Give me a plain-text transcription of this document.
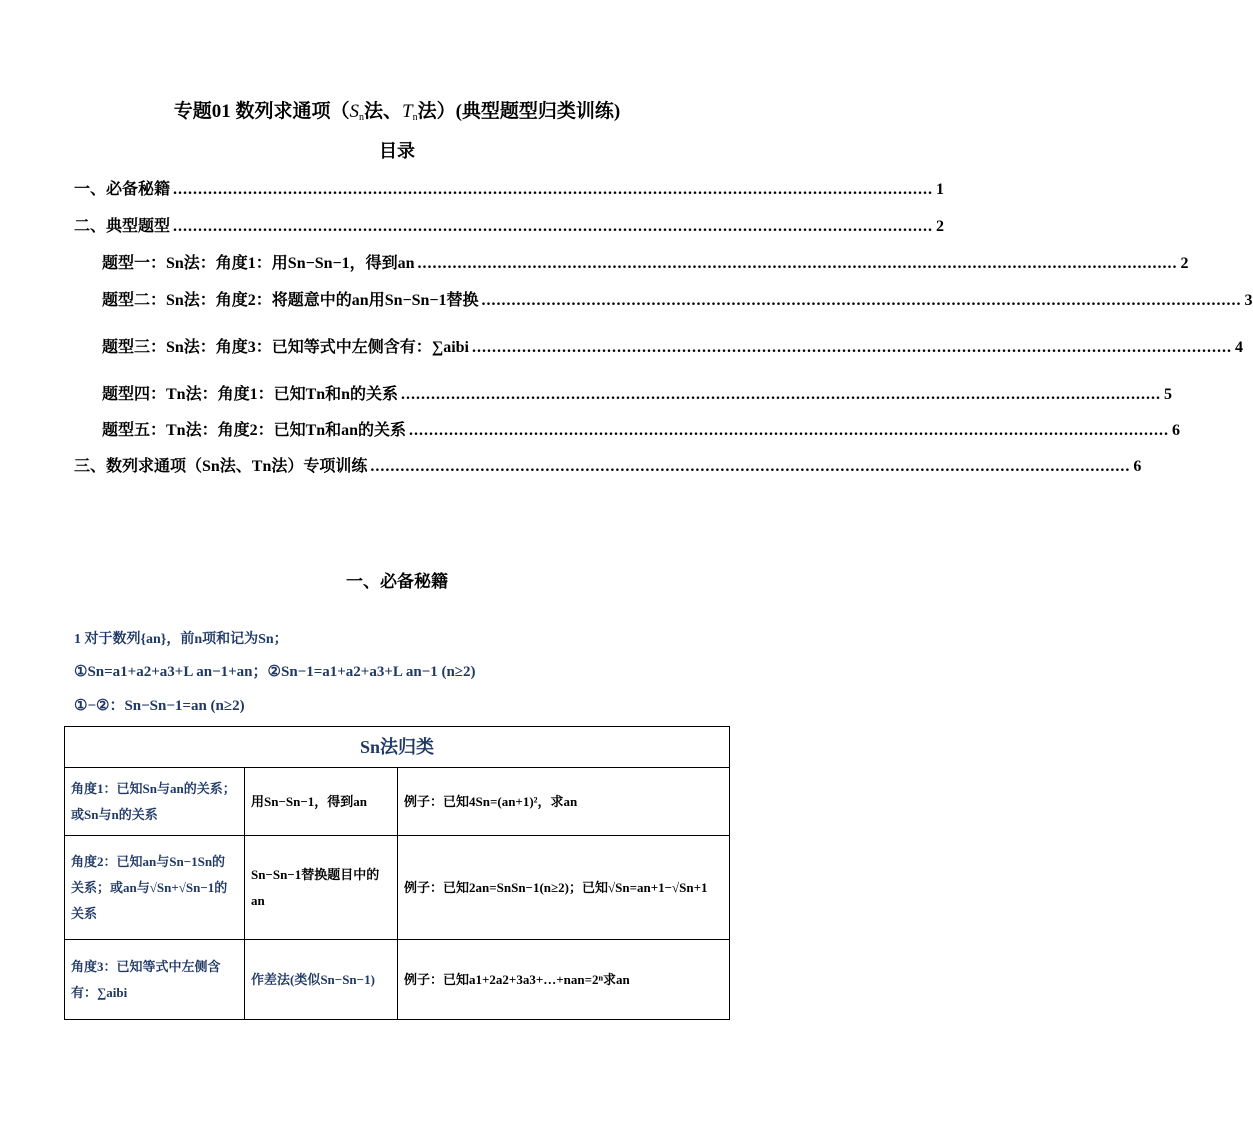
专题01 数列求通项（$S_n$法、$T_n$法）(典型题型归类训练)
目录
一、必备秘籍 ........................................................................................................................................................ 1
二、典型题型 ........................................................................................................................................................ 2
题型一：Sn法：角度1：用Sn−Sn−1，得到an ........................................................................................................................................................ 2
题型二：Sn法：角度2：将题意中的an用Sn−Sn−1替换 ........................................................................................................................................................ 3
题型三：Sn法：角度3：已知等式中左侧含有：∑aibi ........................................................................................................................................................ 4
题型四：Tn法：角度1：已知Tn和n的关系 ........................................................................................................................................................ 5
题型五：Tn法：角度2：已知Tn和an的关系 ........................................................................................................................................................ 6
三、数列求通项（Sn法、Tn法）专项训练 ........................................................................................................................................................ 6
一、必备秘籍
1 对于数列{an}，前n项和记为Sn；
①Sn=a1+a2+a3+L an−1+an；②Sn−1=a1+a2+a3+L an−1 (n≥2)
①−②：Sn−Sn−1=an (n≥2)
Sn法归类		
角度1：已知Sn与an的关系；或Sn与n的关系	用Sn−Sn−1，得到an	例子：已知4Sn=(an+1)²，求an
角度2：已知an与Sn−1Sn的关系；或an与√Sn+√Sn−1的关系	Sn−Sn−1替换题目中的an	例子：已知2an=SnSn−1(n≥2)；已知√Sn=an+1−√Sn+1
角度3：已知等式中左侧含有：∑aibi	作差法(类似Sn−Sn−1)	例子：已知a1+2a2+3a3+…+nan=2ⁿ求an
